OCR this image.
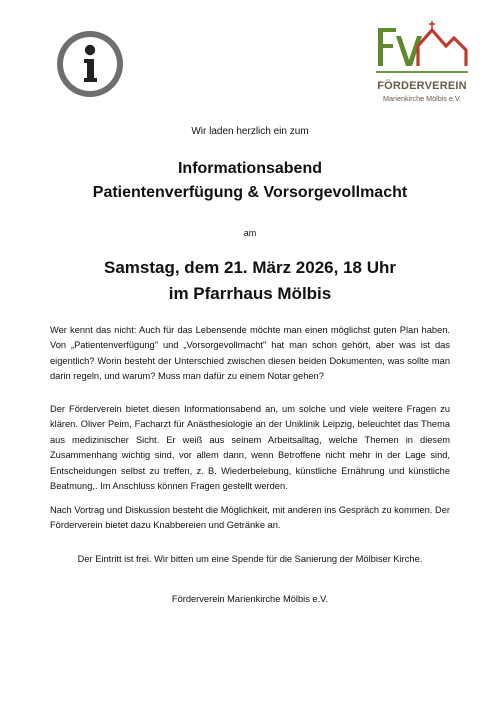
FÖRDERVEREIN
Marienkirche Mölbis e.V.
Wir laden herzlich ein zum
Informationsabend
Patientenverfügung & Vorsorgevollmacht
am
Samstag, dem 21. März 2026, 18 Uhr
im Pfarrhaus Mölbis

Wer kennt das nicht: Auch für das Lebensende möchte man einen möglichst guten Plan haben. Von „Patientenverfügung" und „Vorsorgevollmacht" hat man schon gehört, aber was ist das eigentlich? Worin besteht der Unterschied zwischen diesen beiden Dokumenten, was sollte man darin regeln, und warum? Muss man dafür zu einem Notar gehen?

Der Förderverein bietet diesen Informationsabend an, um solche und viele weitere Fragen zu klären. Oliver Peim, Facharzt für Anästhesiologie an der Uniklinik Leipzig, beleuchtet das Thema aus medizinischer Sicht. Er weiß aus seinem Arbeitsalltag, welche Themen in diesem Zusammenhang wichtig sind, vor allem dann, wenn Betroffene nicht mehr in der Lage sind, Entscheidungen selbst zu treffen, z. B. Wiederbelebung, künstliche Ernährung und künstliche Beatmung,. Im Anschluss können Fragen gestellt werden.

Nach Vortrag und Diskussion besteht die Möglichkeit, mit anderen ins Gespräch zu kommen. Der Förderverein bietet dazu Knabbereien und Getränke an.

Der Eintritt ist frei. Wir bitten um eine Spende für die Sanierung der Mölbiser Kirche.
Förderverein Marienkirche Mölbis e.V.
